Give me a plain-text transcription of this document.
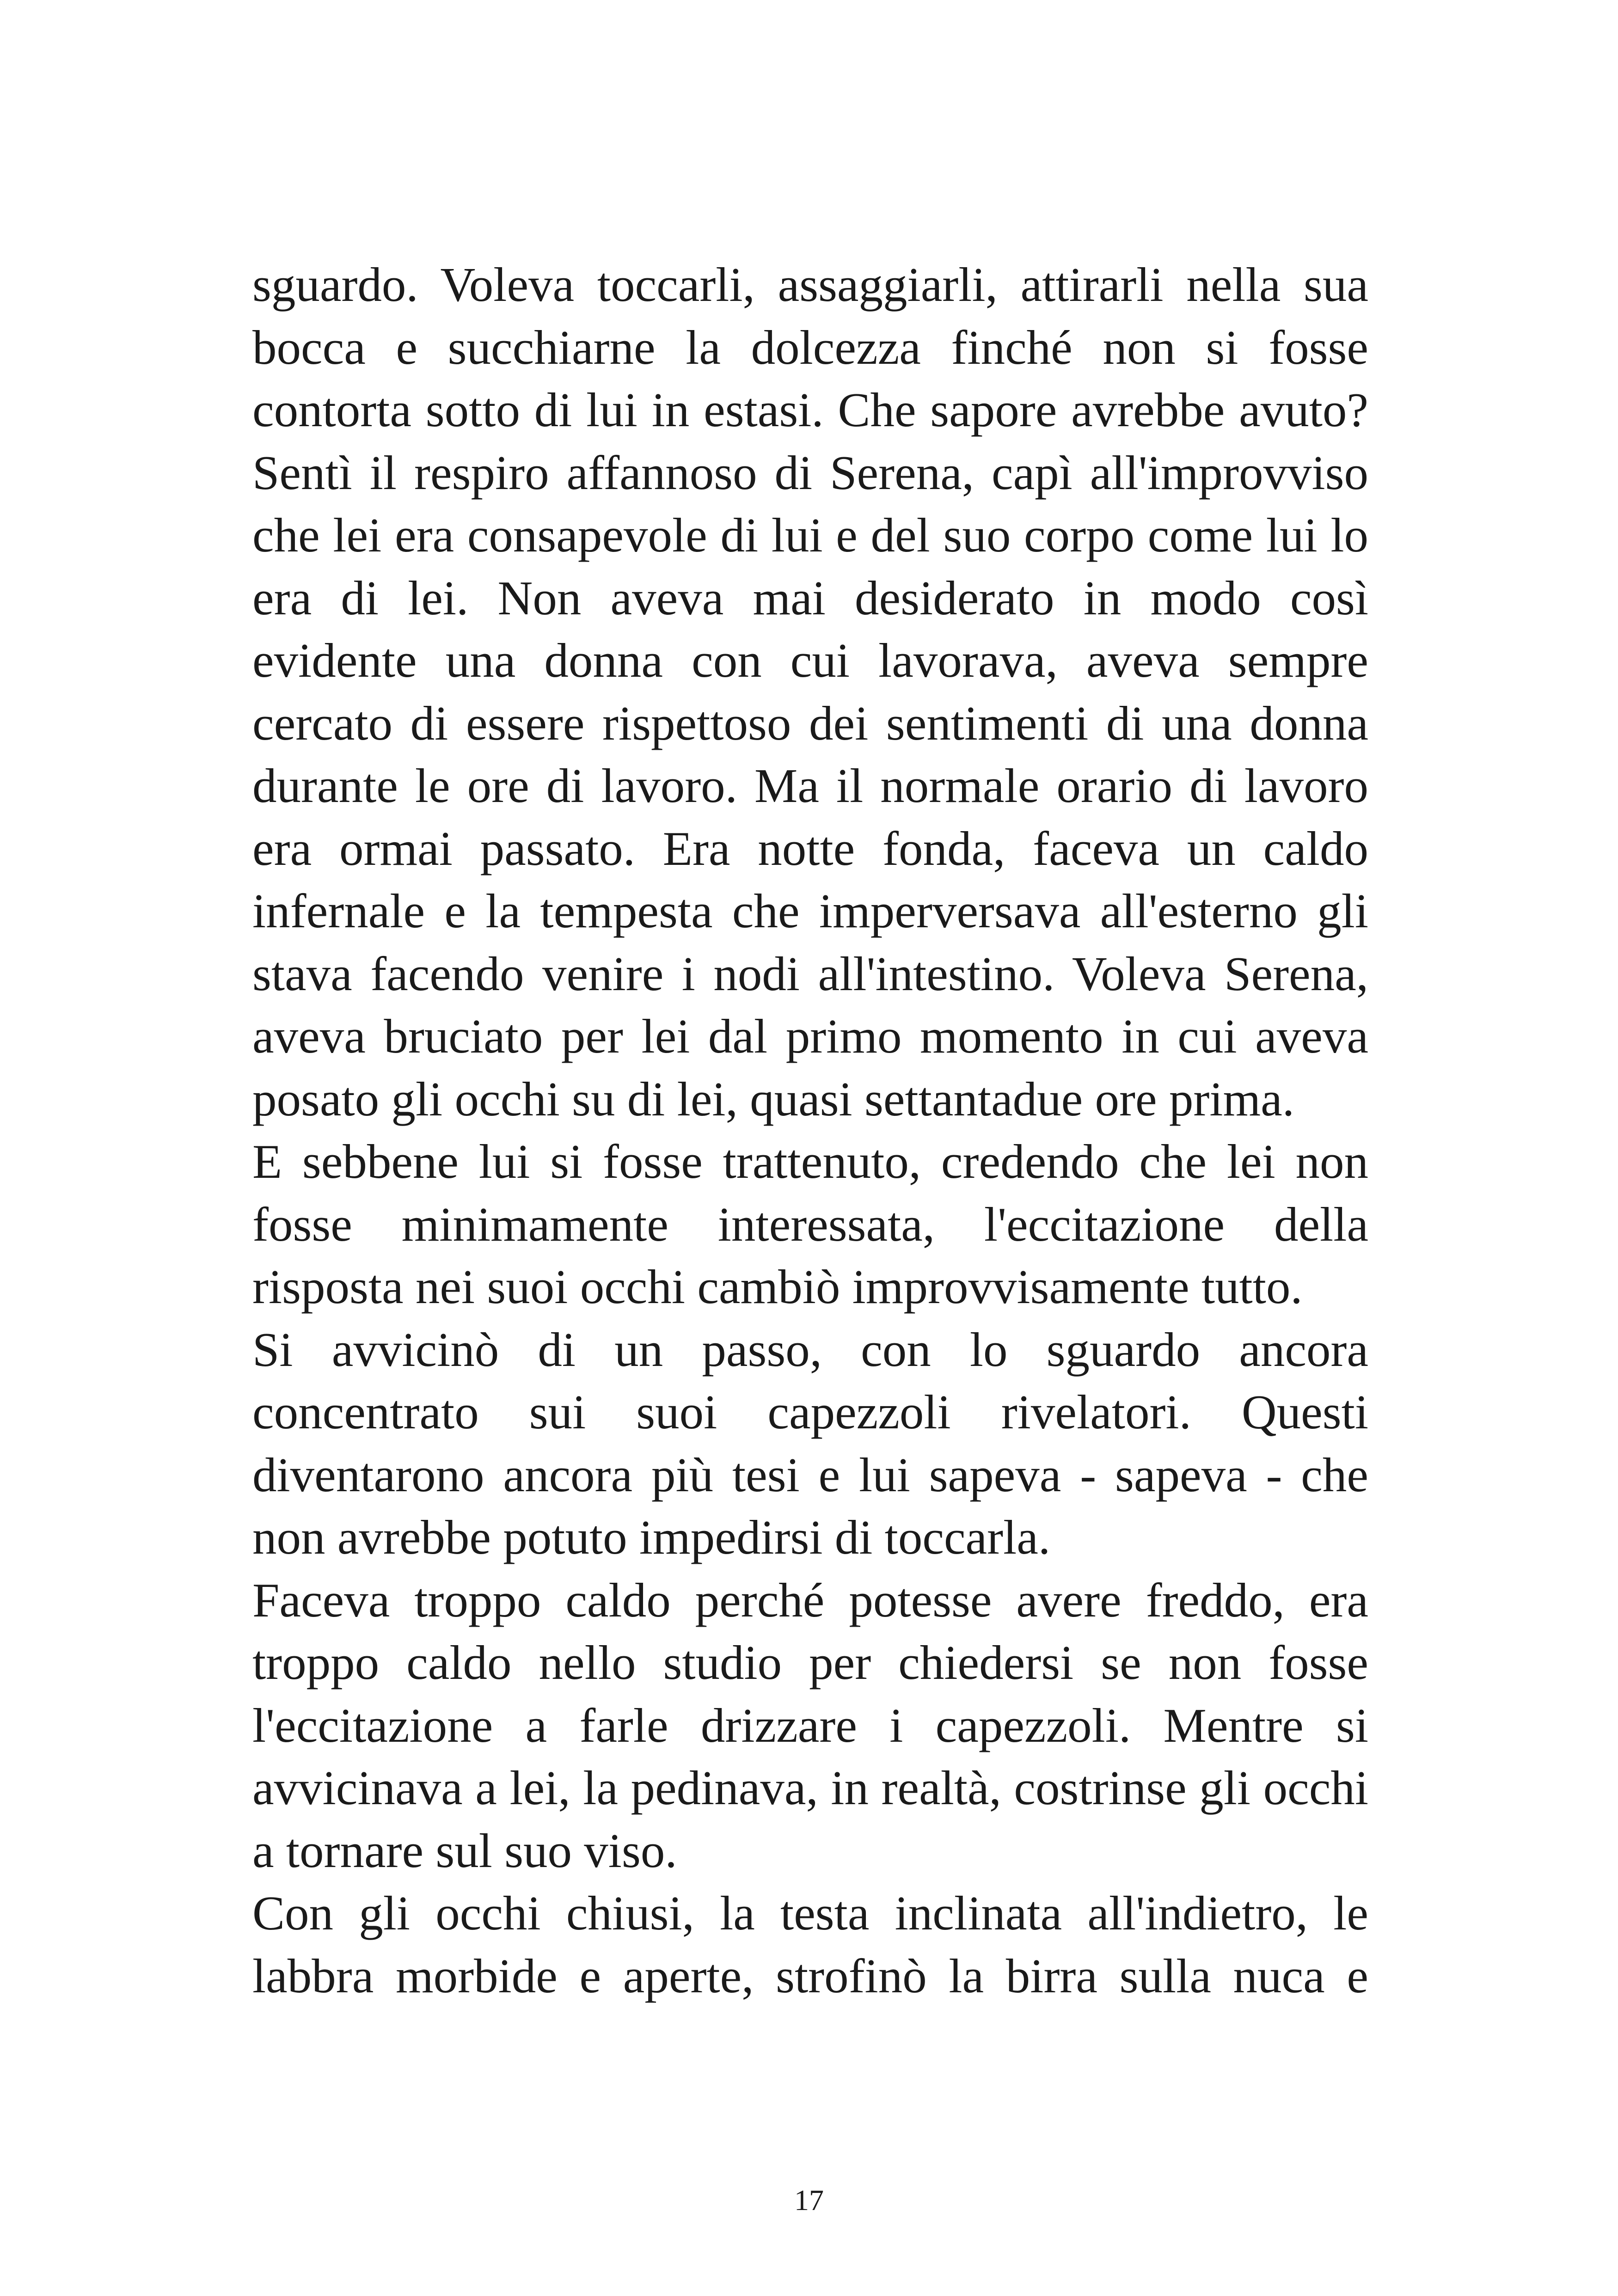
sguardo. Voleva toccarli, assaggiarli, attirarli nella sua
bocca e succhiarne la dolcezza finché non si fosse
contorta sotto di lui in estasi. Che sapore avrebbe avuto?
Sentì il respiro affannoso di Serena, capì all'improvviso
che lei era consapevole di lui e del suo corpo come lui lo
era di lei. Non aveva mai desiderato in modo così
evidente una donna con cui lavorava, aveva sempre
cercato di essere rispettoso dei sentimenti di una donna
durante le ore di lavoro. Ma il normale orario di lavoro
era ormai passato. Era notte fonda, faceva un caldo
infernale e la tempesta che imperversava all'esterno gli
stava facendo venire i nodi all'intestino. Voleva Serena,
aveva bruciato per lei dal primo momento in cui aveva
posato gli occhi su di lei, quasi settantadue ore prima.

E sebbene lui si fosse trattenuto, credendo che lei non
fosse minimamente interessata, l'eccitazione della
risposta nei suoi occhi cambiò improvvisamente tutto.

Si avvicinò di un passo, con lo sguardo ancora
concentrato sui suoi capezzoli rivelatori. Questi
diventarono ancora più tesi e lui sapeva - sapeva - che
non avrebbe potuto impedirsi di toccarla.

Faceva troppo caldo perché potesse avere freddo, era
troppo caldo nello studio per chiedersi se non fosse
l'eccitazione a farle drizzare i capezzoli. Mentre si
avvicinava a lei, la pedinava, in realtà, costrinse gli occhi
a tornare sul suo viso.

Con gli occhi chiusi, la testa inclinata all'indietro, le
labbra morbide e aperte, strofinò la birra sulla nuca e

17
